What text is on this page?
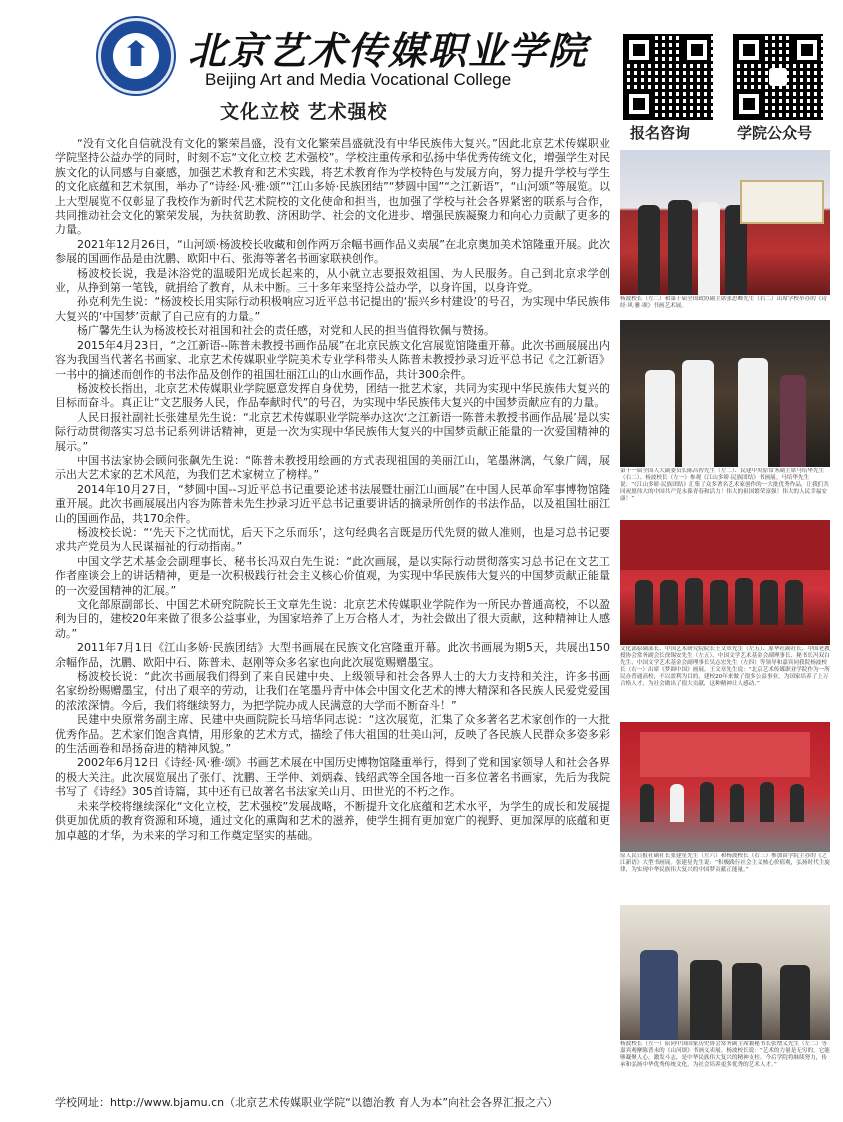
北京艺术传媒职业学院
Beijing Art and Media Vocational College
报名咨询	学院公众号
文化立校 艺术强校

“没有文化自信就没有文化的繁荣昌盛，没有文化繁荣昌盛就没有中华民族伟大复兴。”因此北京艺术传媒职业学院坚持公益办学的同时，时刻不忘“文化立校 艺术强校”。学校注重传承和弘扬中华优秀传统文化，增强学生对民族文化的认同感与自豪感，加强艺术教育和艺术实践，将艺术教育作为学校特色与发展方向，努力提升学校与学生的文化底蕴和艺术氛围，举办了“诗经·风·雅·颂”“江山多娇·民族团结”“梦圆中国”“之江新语”，“山河颂”等展览。以上大型展览不仅彰显了我校作为新时代艺术院校的文化使命和担当，也加强了学校与社会各界紧密的联系与合作，共同推动社会文化的繁荣发展，为扶贫助教、济困助学、社会的文化进步、增强民族凝聚力和向心力贡献了更多的力量。

2021年12月26日，“山河颂·杨波校长收藏和创作两万余幅书画作品义卖展”在北京奥加美术馆隆重开展。此次参展的国画作品是由沈鹏、欧阳中石、张海等著名书画家联袂创作。

杨波校长说，我是沐浴党的温暖阳光成长起来的，从小就立志要报效祖国、为人民服务。自己到北京求学创业，从挣到第一笔钱，就捐给了教育，从未中断。三十多年来坚持公益办学，以身许国，以身许党。

孙克利先生说：“杨波校长用实际行动积极响应习近平总书记提出的‘振兴乡村建设’的号召，为实现中华民族伟大复兴的‘中国梦’贡献了自己应有的力量。”

杨广馨先生认为杨波校长对祖国和社会的责任感，对党和人民的担当值得钦佩与赞扬。

2015年4月23日，“之江新语--陈普未教授书画作品展”在北京民族文化宫展览馆隆重开幕。此次书画展展出内容为我国当代著名书画家、北京艺术传媒职业学院美术专业学科带头人陈普未教授抄录习近平总书记《之江新语》一书中的摘述而创作的书法作品及创作的祖国壮丽江山的山水画作品，共计300余件。

杨波校长指出，北京艺术传媒职业学院愿意发挥自身优势，团结一批艺术家，共同为实现中华民族伟大复兴的目标而奋斗。真正让“文艺服务人民，作品奉献时代”的号召，为实现中华民族伟大复兴的中国梦贡献应有的力量。

人民日报社副社长张建星先生说：“北京艺术传媒职业学院举办这次‘之江新语一陈普未教授书画作品展’是以实际行动贯彻落实习总书记系列讲话精神，更是一次为实现中华民族伟大复兴的中国梦贡献正能量的一次爱国精神的展示。”

中国书法家协会顾问张飙先生说：“陈普未教授用绘画的方式表现祖国的美丽江山，笔墨淋漓，气象广阔，展示出大艺术家的艺术风范，为我们艺术家树立了榜样。”

2014年10月27日，“梦圆中国--习近平总书记重要论述书法展暨壮丽江山画展”在中国人民革命军事博物馆隆重开展。此次书画展展出内容为陈普未先生抄录习近平总书记重要讲话的摘录所创作的书法作品，以及祖国壮丽江山的国画作品，共170余件。

杨波校长说：“‘先天下之忧而忧，后天下之乐而乐’，这句经典名言既是历代先贤的做人准则，也是习总书记要求共产党员为人民谋福祉的行动指南。”

中国文学艺术基金会副理事长、秘书长冯双白先生说：“此次画展，是以实际行动贯彻落实习总书记在文艺工作者座谈会上的讲话精神，更是一次积极践行社会主义核心价值观，为实现中华民族伟大复兴的中国梦贡献正能量的一次爱国精神的汇展。”

文化部原副部长、中国艺术研究院院长王文章先生说：北京艺术传媒职业学院作为一所民办普通高校，不以盈利为目的，建校20年来做了很多公益事业，为国家培养了上万合格人才，为社会做出了很大贡献，这种精神让人感动。”

2011年7月1日《江山多娇·民族团结》大型书画展在民族文化宫隆重开幕。此次书画展为期5天，共展出150余幅作品，沈鹏、欧阳中石、陈普未、赵刚等众多名家也向此次展览赐赠墨宝。

杨波校长说：“此次书画展我们得到了来自民建中央、上级领导和社会各界人士的大力支持和关注，许多书画名家纷纷赐赠墨宝，付出了艰辛的劳动，让我们在笔墨丹青中体会中国文化艺术的博大精深和各民族人民爱党爱国的浓浓深情。今后，我们将继续努力，为把学院办成人民满意的大学而不断奋斗！”

民建中央原常务副主席、民建中央画院院长马培华同志说：“这次展览，汇集了众多著名艺术家创作的一大批优秀作品。艺术家们饱含真情，用形象的艺术方式，描绘了伟大祖国的壮美山河，反映了各民族人民群众多姿多彩的生活画卷和昂扬奋进的精神风貌。”

2002年6月12日《诗经·风·雅·颂》书画艺术展在中国历史博物馆隆重举行，得到了党和国家领导人和社会各界的极大关注。此次展览展出了张仃、沈鹏、王学仲、刘炳森、钱绍武等全国各地一百多位著名书画家，先后为我院书写了《诗经》305首诗篇，其中还有已故著名书法家关山月、田世光的不朽之作。

未来学校将继续深化“文化立校，艺术强校”发展战略，不断提升文化底蕴和艺术水平，为学生的成长和发展提供更加优质的教育资源和环境，通过文化的熏陶和艺术的滋养，使学生拥有更加宽广的视野、更加深厚的底蕴和更加卓越的才华，为未来的学习和工作奠定坚实的基础。

学校网址：http://www.bjamu.cn（北京艺术传媒职业学院“以德治教 育人为本”向社会各界汇报之六）
杨波校长（左二）和第十届全国政协副主席张思卿先生（右二）出席学校举办的《诗经·风·雅·颂》书画艺术展。
第十一届全国人大副委员长陈昌智先生（左二）、民建中央原常务副主席马培华先生（右二）、杨波校长（左一）参观《江山多娇·民族团结》书画展。马培华先生说：“《江山多娇·民族团结》汇集了众多著名艺术家创作的一大批优秀作品，让我们共同祝愿伟大的中国共产党永葆青春和活力！伟大的祖国繁荣富强！伟大的人民幸福安康！”
文化部原副部长、中国艺术研究院院长王文章先生（左五）、原华社副社长、中国老教授协会常务副会长徐锡安先生（左五）、中国文学艺术基金会副理事长、秘书长冯双白先生、中国文学艺术基金会副理事长吴志宏先生（左四）等领导和嘉宾同我院杨波校长（右一）出席《梦圆中国》画展。王文章先生说：“北京艺术传媒职业学院作为一所民办普通高校，不以盈利为目的，建校20年来做了很多公益事业，为国家培养了上万合格人才，为社会做出了很大贡献，这种精神让人感动。”
原人民日报社副社长张建星先生（左六）和杨波校长（右三）参加由学院主办的《之江新语》大型书画展。张建星先生说：“积极践行社会主义核心价值观，弘扬时代主旋律，为实现中华民族伟大复兴的中国梦贡献正能量。”
杨波校长（左一）陪同中国国家历史协会常务副主席兼秘书长张增义先生（左二）等嘉宾观摩陈普未的《山河颂》书画义卖展。杨波校长说：“艺术的力量是无穷的，它能够凝聚人心，激发斗志，是中华民族伟大复兴的精神支柱。今后学院将继续努力，传承和弘扬中华优秀传统文化，为社会培养更多优秀的艺术人才。”
